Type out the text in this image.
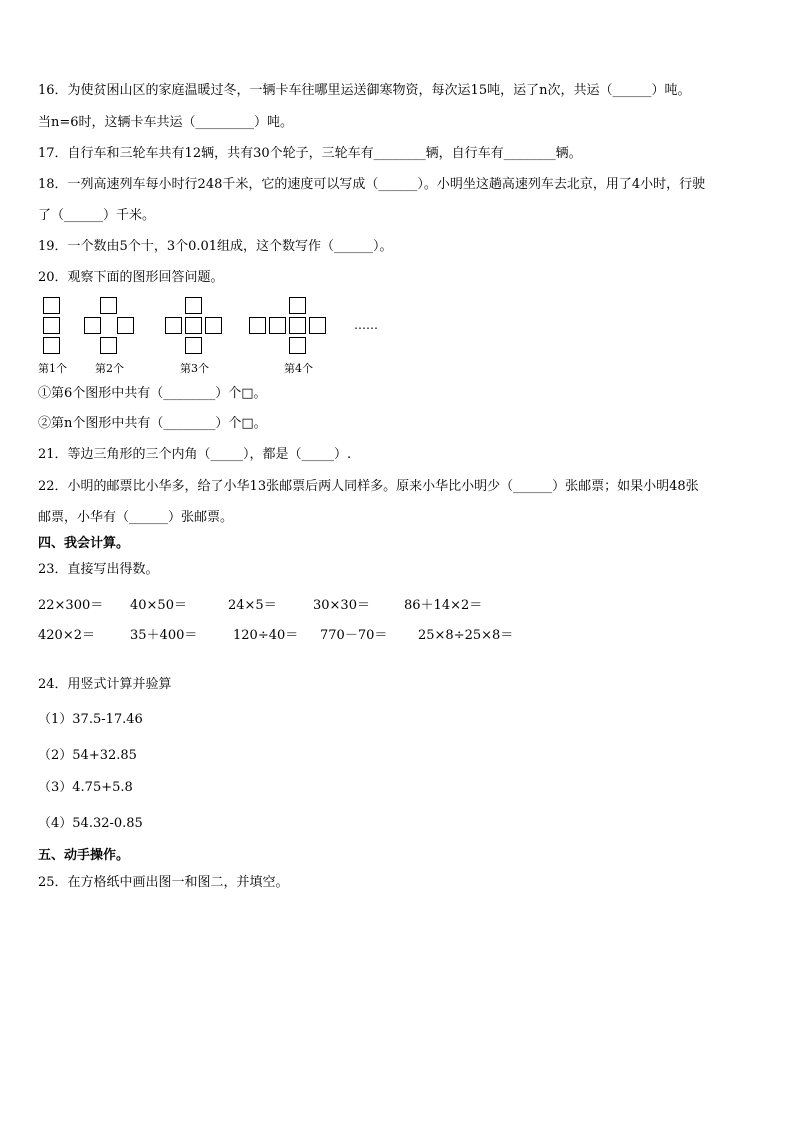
16．为使贫困山区的家庭温暖过冬，一辆卡车往哪里运送御寒物资，每次运15吨，运了n次，共运（______）吨。
当n=6时，这辆卡车共运（_________）吨。
17．自行车和三轮车共有12辆，共有30个轮子，三轮车有________辆，自行车有________辆。
18．一列高速列车每小时行248千米，它的速度可以写成（______）。小明坐这趟高速列车去北京，用了4小时，行驶
了（______）千米。
19．一个数由5个十，3个0.01组成，这个数写作（______）。
20．观察下面的图形回答问题。
……
第1个	第2个	第3个	第4个
①第6个图形中共有（________）个□。
②第n个图形中共有（________）个□。
21．等边三角形的三个内角（_____），都是（_____）.
22．小明的邮票比小华多，给了小华13张邮票后两人同样多。原来小华比小明少（______）张邮票；如果小明48张
邮票，小华有（______）张邮票。
四、我会计算。
23．直接写出得数。
22×300＝ 40×50＝	24×5＝	30×30＝	86＋14×2＝
420×2＝	35＋400＝	120÷40＝ 770－70＝ 25×8÷25×8＝
24．用竖式计算并验算
（1）37.5-17.46
（2）54+32.85
（3）4.75+5.8
（4）54.32-0.85
五、动手操作。
25．在方格纸中画出图一和图二，并填空。
